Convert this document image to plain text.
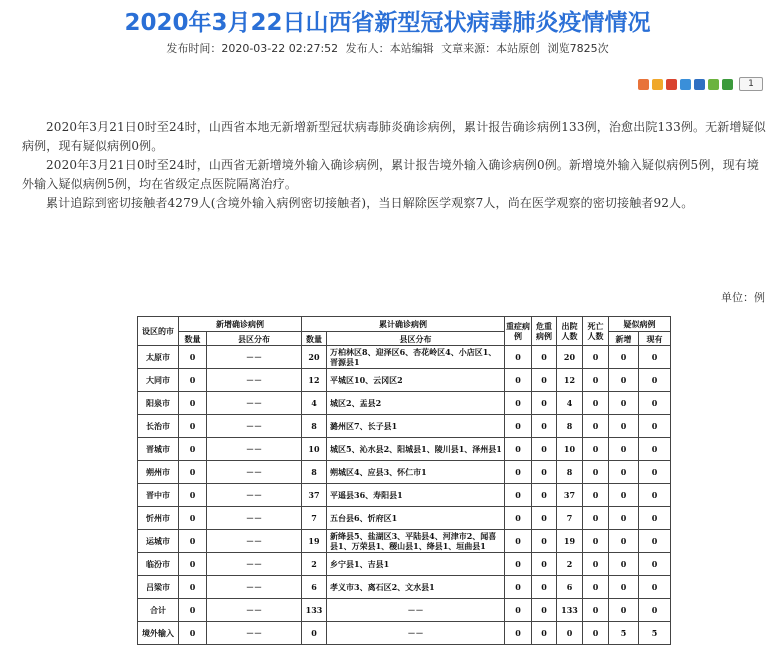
2020年3月22日山西省新型冠状病毒肺炎疫情情况
发布时间：2020-03-22 02:27:52 发布人：本站编辑 文章来源：本站原创 浏览7825次
1

2020年3月21日0时至24时，山西省本地无新增新型冠状病毒肺炎确诊病例，累计报告确诊病例133例，治愈出院133例。无新增疑似病例，现有疑似病例0例。

2020年3月21日0时至24时，山西省无新增境外输入确诊病例，累计报告境外输入确诊病例0例。新增境外输入疑似病例5例，现有境外输入疑似病例5例，均在省级定点医院隔离治疗。

累计追踪到密切接触者4279人(含境外输入病例密切接触者)，当日解除医学观察7人，尚在医学观察的密切接触者92人。

单位：例
设区的市	新增确诊病例		累计确诊病例		重症病例	危重病例	出院人数	死亡人数	疑似病例	
	数量	县区分布	数量	县区分布					新增	现有
太原市	0	－－	20	万柏林区8、迎泽区6、杏花岭区4、小店区1、晋源县1	0	0	20	0	0	0
大同市	0	－－	12	平城区10、云冈区2	0	0	12	0	0	0
阳泉市	0	－－	4	城区2、盂县2	0	0	4	0	0	0
长治市	0	－－	8	潞州区7、长子县1	0	0	8	0	0	0
晋城市	0	－－	10	城区5、沁水县2、阳城县1、陵川县1、泽州县1	0	0	10	0	0	0
朔州市	0	－－	8	朔城区4、应县3、怀仁市1	0	0	8	0	0	0
晋中市	0	－－	37	平遥县36、寿阳县1	0	0	37	0	0	0
忻州市	0	－－	7	五台县6、忻府区1	0	0	7	0	0	0
运城市	0	－－	19	新绛县5、盐湖区3、平陆县4、河津市2、闻喜县1、万荣县1、稷山县1、绛县1、垣曲县1	0	0	19	0	0	0
临汾市	0	－－	2	乡宁县1、吉县1	0	0	2	0	0	0
吕梁市	0	－－	6	孝义市3、离石区2、文水县1	0	0	6	0	0	0
合计	0	－－	133	－－	0	0	133	0	0	0
境外输入	0	－－	0	－－	0	0	0	0	5	5
